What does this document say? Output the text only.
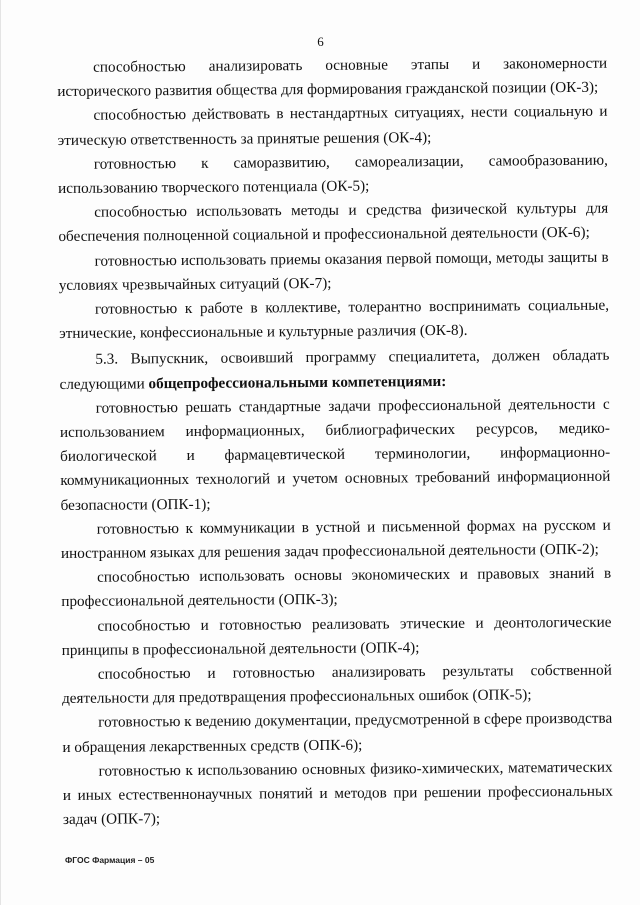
6

способностью анализировать основные этапы и закономерности исторического развития общества для формирования гражданской позиции (ОК-3);

способностью действовать в нестандартных ситуациях, нести социальную и этическую ответственность за принятые решения (ОК-4);

готовностью к саморазвитию, самореализации, самообразованию, использованию творческого потенциала (ОК-5);

способностью использовать методы и средства физической культуры для обеспечения полноценной социальной и профессиональной деятельности (ОК-6);

готовностью использовать приемы оказания первой помощи, методы защиты в условиях чрезвычайных ситуаций (ОК-7);

готовностью к работе в коллективе, толерантно воспринимать социальные, этнические, конфессиональные и культурные различия (ОК-8).

5.3. Выпускник, освоивший программу специалитета, должен обладать следующими общепрофессиональными компетенциями:

готовностью решать стандартные задачи профессиональной деятельности с использованием информационных, библиографических ресурсов, медико-биологической и фармацевтической терминологии, информационно-коммуникационных технологий и учетом основных требований информационной безопасности (ОПК-1);

готовностью к коммуникации в устной и письменной формах на русском и иностранном языках для решения задач профессиональной деятельности (ОПК-2);

способностью использовать основы экономических и правовых знаний в профессиональной деятельности (ОПК-3);

способностью и готовностью реализовать этические и деонтологические принципы в профессиональной деятельности (ОПК-4);

способностью и готовностью анализировать результаты собственной деятельности для предотвращения профессиональных ошибок (ОПК-5);

готовностью к ведению документации, предусмотренной в сфере производства и обращения лекарственных средств (ОПК-6);

готовностью к использованию основных физико-химических, математических и иных естественнонаучных понятий и методов при решении профессиональных задач (ОПК-7);

ФГОС Фармация – 05
